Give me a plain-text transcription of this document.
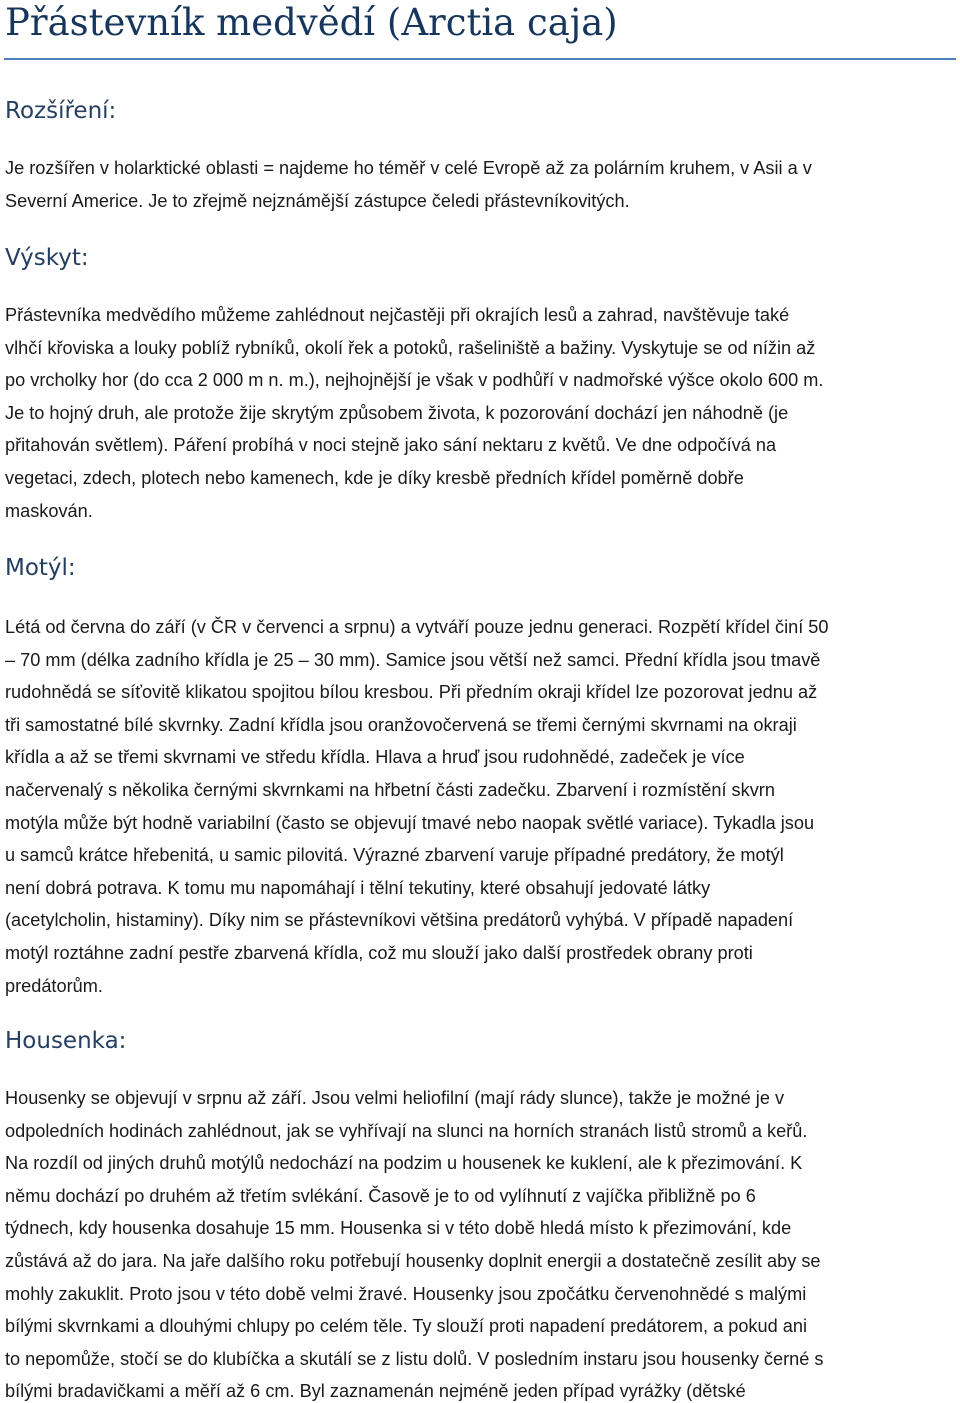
Přástevník medvědí (Arctia caja)
Rozšíření:
Je rozšířen v holarktické oblasti = najdeme ho téměř v celé Evropě až za polárním kruhem, v Asii a v
Severní Americe. Je to zřejmě nejznámější zástupce čeledi přástevníkovitých.
Výskyt:
Přástevníka medvědího můžeme zahlédnout nejčastěji při okrajích lesů a zahrad, navštěvuje také
vlhčí křoviska a louky poblíž rybníků, okolí řek a potoků, rašeliniště a bažiny. Vyskytuje se od nížin až
po vrcholky hor (do cca 2 000 m n. m.), nejhojnější je však v podhůří v nadmořské výšce okolo 600 m.
Je to hojný druh, ale protože žije skrytým způsobem života, k pozorování dochází jen náhodně (je
přitahován světlem). Páření probíhá v noci stejně jako sání nektaru z květů. Ve dne odpočívá na
vegetaci, zdech, plotech nebo kamenech, kde je díky kresbě předních křídel poměrně dobře
maskován.
Motýl:
Létá od června do září (v ČR v červenci a srpnu) a vytváří pouze jednu generaci. Rozpětí křídel činí 50
– 70 mm (délka zadního křídla je 25 – 30 mm). Samice jsou větší než samci. Přední křídla jsou tmavě
rudohnědá se síťovitě klikatou spojitou bílou kresbou. Při předním okraji křídel lze pozorovat jednu až
tři samostatné bílé skvrnky. Zadní křídla jsou oranžovočervená se třemi černými skvrnami na okraji
křídla a až se třemi skvrnami ve středu křídla. Hlava a hruď jsou rudohnědé, zadeček je více
načervenalý s několika černými skvrnkami na hřbetní části zadečku. Zbarvení i rozmístění skvrn
motýla může být hodně variabilní (často se objevují tmavé nebo naopak světlé variace). Tykadla jsou
u samců krátce hřebenitá, u samic pilovitá. Výrazné zbarvení varuje případné predátory, že motýl
není dobrá potrava. K tomu mu napomáhají i tělní tekutiny, které obsahují jedovaté látky
(acetylcholin, histaminy). Díky nim se přástevníkovi většina predátorů vyhýbá. V případě napadení
motýl roztáhne zadní pestře zbarvená křídla, což mu slouží jako další prostředek obrany proti
predátorům.
Housenka:
Housenky se objevují v srpnu až září. Jsou velmi heliofilní (mají rády slunce), takže je možné je v
odpoledních hodinách zahlédnout, jak se vyhřívají na slunci na horních stranách listů stromů a keřů.
Na rozdíl od jiných druhů motýlů nedochází na podzim u housenek ke kuklení, ale k přezimování. K
němu dochází po druhém až třetím svlékání. Časově je to od vylíhnutí z vajíčka přibližně po 6
týdnech, kdy housenka dosahuje 15 mm. Housenka si v této době hledá místo k přezimování, kde
zůstává až do jara. Na jaře dalšího roku potřebují housenky doplnit energii a dostatečně zesílit aby se
mohly zakuklit. Proto jsou v této době velmi žravé. Housenky jsou zpočátku červenohnědé s malými
bílými skvrnkami a dlouhými chlupy po celém těle. Ty slouží proti napadení predátorem, a pokud ani
to nepomůže, stočí se do klubíčka a skutálí se z listu dolů. V posledním instaru jsou housenky černé s
bílými bradavičkami a měří až 6 cm. Byl zaznamenán nejméně jeden případ vyrážky (dětské
